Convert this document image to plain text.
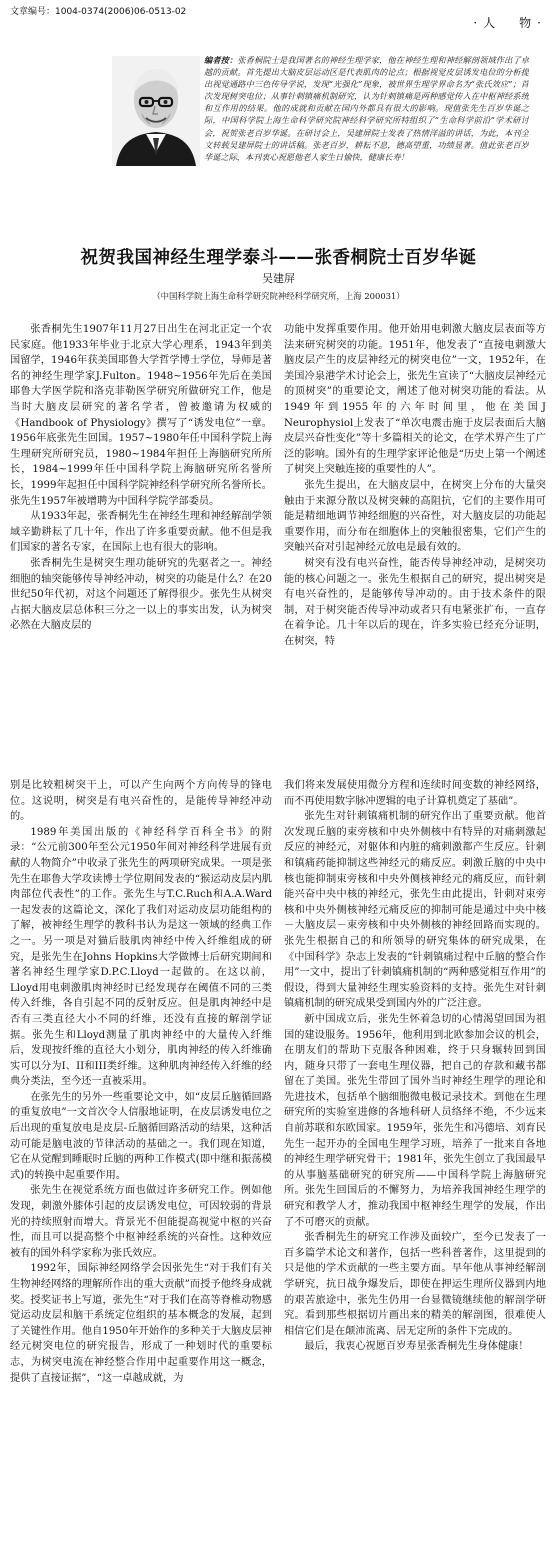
文章编号：1004-0374(2006)06-0513-02
·人　物·
编者按：张香桐院士是我国著名的神经生理学家，他在神经生理和神经解剖领域作出了卓越的贡献。首先提出大脑皮层运动区是代表肌肉的论点；根据视觉皮层诱发电位的分析提出视觉通路中三色传导学说，发现“光强化”现象，被世界生理学界命名为“张氏效应”；首次发现树突电位；从事针刺镇痛机制研究，认为针刺镇痛是两种感觉传入在中枢神经系统和互作用的结果。他的成就和贡献在国内外都具有很大的影响。现值张先生百岁华诞之际，中国科学院上海生命科学研究院神经科学研究所特组织了“生命科学前沿”学术研讨会，祝贺张老百岁华诞。在研讨会上，吴建屏院士发表了热情洋溢的讲话，为此，本刊全文转载吴建屏院士的讲话稿。张老百岁，耕耘不息，德高望重，功绩显著。值此张老百岁华诞之际，本刊衷心祝愿他老人家生日愉快，健康长寿！
祝贺我国神经生理学泰斗——张香桐院士百岁华诞
吴建屏
（中国科学院上海生命科学研究院神经科学研究所，上海 200031）

张香桐先生1907年11月27日出生在河北正定一个农民家庭。他1933年毕业于北京大学心理系，1943年到美国留学，1946年获美国耶鲁大学哲学博士学位，导师是著名的神经生理学家J.Fulton。1948~1956年先后在美国耶鲁大学医学院和洛克菲勒医学研究所做研究工作，他是当时大脑皮层研究的著名学者，曾被邀请为权威的《Handbook of Physiology》撰写了“诱发电位”一章。1956年底张先生回国。1957~1980年任中国科学院上海生理研究所研究员，1980~1984年担任上海脑研究所所长，1984~1999年任中国科学院上海脑研究所名誉所长，1999年起担任中国科学院神经科学研究所名誉所长。张先生1957年被增聘为中国科学院学部委员。

从1933年起，张香桐先生在神经生理和神经解剖学领域辛勤耕耘了几十年，作出了许多重要贡献。他不但是我们国家的著名专家，在国际上也有很大的影响。

张香桐先生是树突生理功能研究的先驱者之一。神经细胞的轴突能够传导神经冲动，树突的功能是什么？在20世纪50年代初，对这个问题还了解得很少。张先生从树突占据大脑皮层总体积三分之一以上的事实出发，认为树突必然在大脑皮层的

功能中发挥重要作用。他开始用电刺激大脑皮层表面等方法来研究树突的功能。1951年，他发表了“直接电刺激大脑皮层产生的皮层神经元的树突电位”一文，1952年，在美国冷泉港学术讨论会上，张先生宣读了“大脑皮层神经元的顶树突”的重要论文，阐述了他对树突功能的看法。从1949年到1955年的六年时间里，他在美国J Neurophysiol上发表了“单次电震击施于皮层表面后大脑皮层兴奋性变化”等十多篇相关的论文，在学术界产生了广泛的影响。国外有的生理学家评论他是“历史上第一个阐述了树突上突触连接的重要性的人”。

张先生提出，在大脑皮层中，在树突上分布的大量突触由于来源分散以及树突棘的高阻抗，它们的主要作用可能是精细地调节神经细胞的兴奋性，对大脑皮层的功能起重要作用，而分布在细胞体上的突触很密集，它们产生的突触兴奋对引起神经元放电是最有效的。

树突有没有电兴奋性，能否传导神经冲动，是树突功能的核心问题之一。张先生根据自己的研究，提出树突是有电兴奋性的，是能够传导冲动的。由于技术条件的限制，对于树突能否传导冲动或者只有电紧张扩布，一直存在着争论。几十年以后的现在，许多实验已经充分证明，在树突，特

别是比较粗树突干上，可以产生向两个方向传导的锋电位。这说明，树突是有电兴奋性的，是能传导神经冲动的。

1989年美国出版的《神经科学百科全书》的附录：“公元前300年至公元1950年间对神经科学进展有贡献的人物简介”中收录了张先生的两项研究成果。一项是张先生在耶鲁大学攻读博士学位期间发表的“猴运动皮层内肌肉部位代表性”的工作。张先生与T.C.Ruch和A.A.Ward一起发表的这篇论文，深化了我们对运动皮层功能组构的了解，被神经生理学的教科书认为是这一领域的经典工作之一。另一项是对猫后肢肌肉神经中传入纤维组成的研究，是张先生在Johns Hopkins大学做博士后研究期间和著名神经生理学家D.P.C.Lloyd一起做的。在这以前，Lloyd用电刺激肌肉神经时已经发现存在阈值不同的三类传入纤维，各自引起不同的反射反应。但是肌肉神经中是否有三类直径大小不同的纤维，还没有直接的解剖学证据。张先生和Lloyd测量了肌肉神经中的大量传入纤维后，发现按纤维的直径大小划分，肌肉神经的传入纤维确实可以分为I、II和III类纤维。这种肌肉神经传入纤维的经典分类法，至今还一直被采用。

在张先生的另外一些重要论文中，如“皮层丘脑循回路的重复放电”一文首次令人信服地证明，在皮层诱发电位之后出现的重复放电是皮层-丘脑循回路活动的结果，这种活动可能是脑电波的节律活动的基础之一。我们现在知道，它在从觉醒到睡眠时丘脑的两种工作模式(即中继和振荡模式)的转换中起重要作用。

张先生在视觉系统方面也做过许多研究工作。例如他发现，刺激外膝体引起的皮层诱发电位，可因较弱的背景光的持续照射而增大。背景光不但能提高视觉中枢的兴奋性，而且可以提高整个中枢神经系统的兴奋性。这种效应被有的国外科学家称为张氏效应。

1992年，国际神经网络学会因张先生“对于我们有关生物神经网络的理解所作出的重大贡献”而授予他终身成就奖。授奖证书上写道，张先生“对于我们在高等脊椎动物感觉运动皮层和脑干系统定位组织的基本概念的发展，起到了关键性作用。他自1950年开始作的多种关于大脑皮层神经元树突电位的研究报告，形成了一种划时代的重要标志，为树突电流在神经整合作用中起重要作用这一概念，提供了直接证据”，“这一卓越成就，为

我们将来发展使用微分方程和连续时间变数的神经网络，而不再使用数字脉冲逻辑的电子计算机奠定了基础”。

张先生对针刺镇痛机制的研究作出了重要贡献。他首次发现丘脑的束旁核和中央外侧核中有特异的对痛刺激起反应的神经元，对躯体和内脏的痛刺激都产生反应。针刺和镇痛药能抑制这些神经元的痛反应。刺激丘脑的中央中核也能抑制束旁核和中央外侧核神经元的痛反应，而针刺能兴奋中央中核的神经元，张先生由此提出，针刺对束旁核和中央外侧核神经元痛反应的抑制可能是通过中央中核－大脑皮层－束旁核和中央外侧核的神经回路而实现的。张先生根据自己的和所领导的研究集体的研究成果，在《中国科学》杂志上发表的“针刺镇痛过程中丘脑的整合作用”一文中，提出了针刺镇痛机制的“两种感觉相互作用”的假设，得到大量神经生理实验资料的支持。张先生对针刺镇痛机制的研究成果受到国内外的广泛注意。

新中国成立后，张先生怀着急切的心情渴望回国为祖国的建设服务。1956年，他利用到北欧参加会议的机会，在朋友们的帮助下克服各种困难，终于只身辗转回到国内，随身只带了一套电生理仪器，把自己的存款和藏书都留在了美国。张先生带回了国外当时神经生理学的理论和先进技术，包括单个脑细胞微电极记录技术。到他在生理研究所的实验室进修的各地科研人员络绎不绝，不少远来自前苏联和东欧国家。1959年，张先生和冯德培、刘育民先生一起开办的全国电生理学习班，培养了一批来自各地的神经生理学研究骨干；1981年，张先生创立了我国最早的从事脑基础研究的研究所——中国科学院上海脑研究所。张先生回国后的不懈努力，为培养我国神经生理学的研究和教学人才，推动我国中枢神经生理学的发展，作出了不可磨灭的贡献。

张香桐先生的研究工作涉及面较广，至今已发表了一百多篇学术论文和著作，包括一些科普著作，这里提到的只是他的学术贡献的一些主要方面。早年他从事神经解剖学研究，抗日战争爆发后，即使在押运生理所仪器到内地的艰苦旅途中，张先生仍用一台显微镜继续他的解剖学研究。看到那些根据切片画出来的精美的解剖图，很难使人相信它们是在颠沛流离、居无定所的条件下完成的。

最后，我衷心祝愿百岁寿星张香桐先生身体健康！
